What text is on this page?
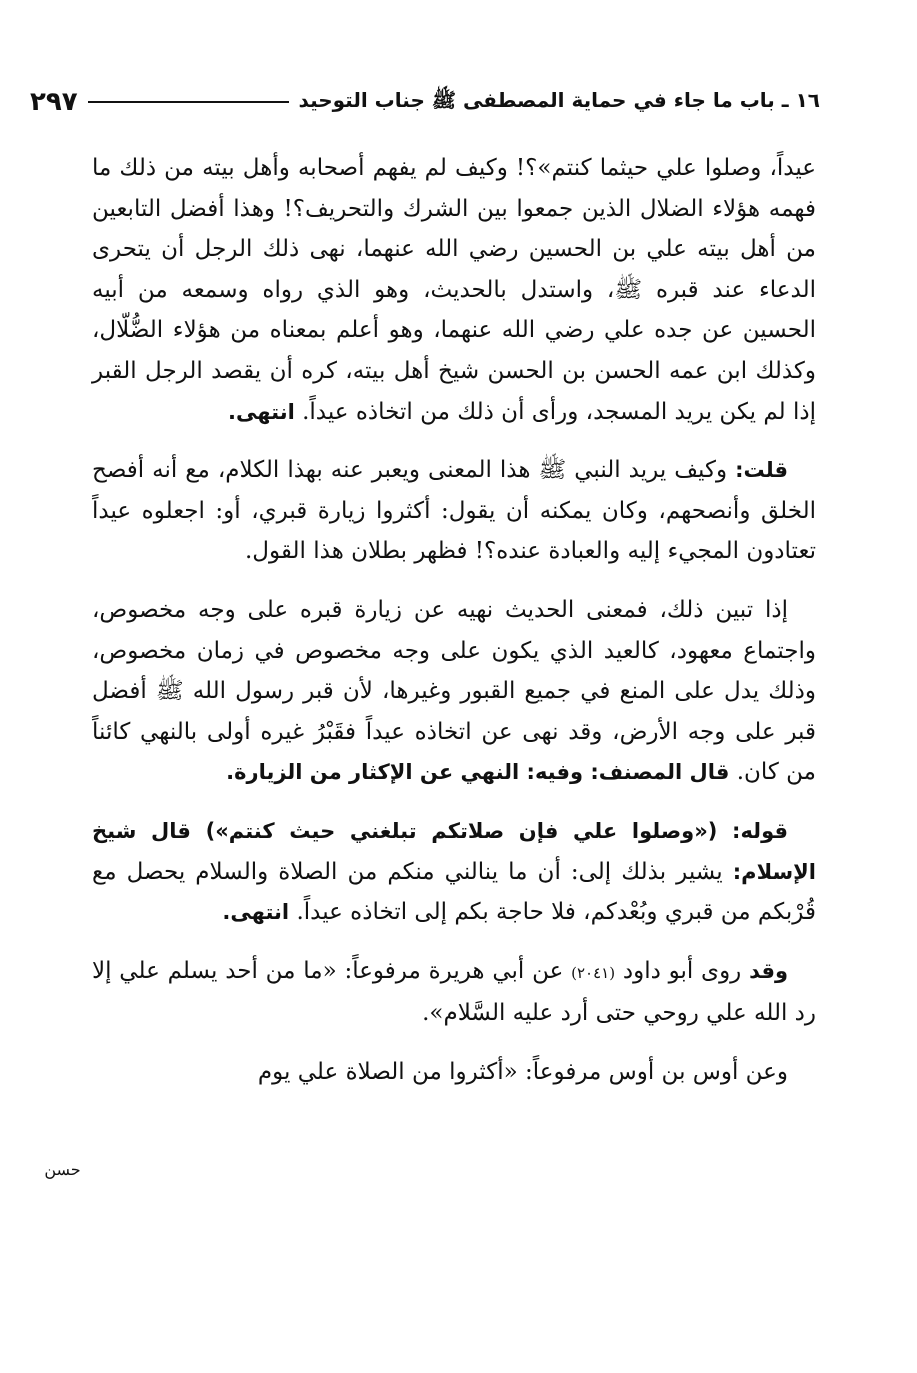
١٦ ـ باب ما جاء في حماية المصطفى ﷺ جناب التوحيد
٢٩٧

عيداً، وصلوا علي حيثما كنتم»؟! وكيف لم يفهم أصحابه وأهل بيته من ذلك ما فهمه هؤلاء الضلال الذين جمعوا بين الشرك والتحريف؟! وهذا أفضل التابعين من أهل بيته علي بن الحسين رضي الله عنهما، نهى ذلك الرجل أن يتحرى الدعاء عند قبره ﷺ، واستدل بالحديث، وهو الذي رواه وسمعه من أبيه الحسين عن جده علي رضي الله عنهما، وهو أعلم بمعناه من هؤلاء الضُّلّال، وكذلك ابن عمه الحسن بن الحسن شيخ أهل بيته، كره أن يقصد الرجل القبر إذا لم يكن يريد المسجد، ورأى أن ذلك من اتخاذه عيداً. انتهى.

قلت: وكيف يريد النبي ﷺ هذا المعنى ويعبر عنه بهذا الكلام، مع أنه أفصح الخلق وأنصحهم، وكان يمكنه أن يقول: أكثروا زيارة قبري، أو: اجعلوه عيداً تعتادون المجيء إليه والعبادة عنده؟! فظهر بطلان هذا القول.

إذا تبين ذلك، فمعنى الحديث نهيه عن زيارة قبره على وجه مخصوص، واجتماع معهود، كالعيد الذي يكون على وجه مخصوص في زمان مخصوص، وذلك يدل على المنع في جميع القبور وغيرها، لأن قبر رسول الله ﷺ أفضل قبر على وجه الأرض، وقد نهى عن اتخاذه عيداً فقَبْرُ غيره أولى بالنهي كائناً من كان. قال المصنف: وفيه: النهي عن الإكثار من الزيارة.

قوله: («وصلوا علي فإن صلاتكم تبلغني حيث كنتم») قال شيخ الإسلام: يشير بذلك إلى: أن ما ينالني منكم من الصلاة والسلام يحصل مع قُرْبكم من قبري وبُعْدكم، فلا حاجة بكم إلى اتخاذه عيداً. انتهى.

وقد روى أبو داود (٢٠٤١) عن أبي هريرة مرفوعاً: «ما من أحد يسلم علي إلا رد الله علي روحي حتى أرد عليه السَّلام».

وعن أوس بن أوس مرفوعاً: «أكثروا من الصلاة علي يوم

حسن
